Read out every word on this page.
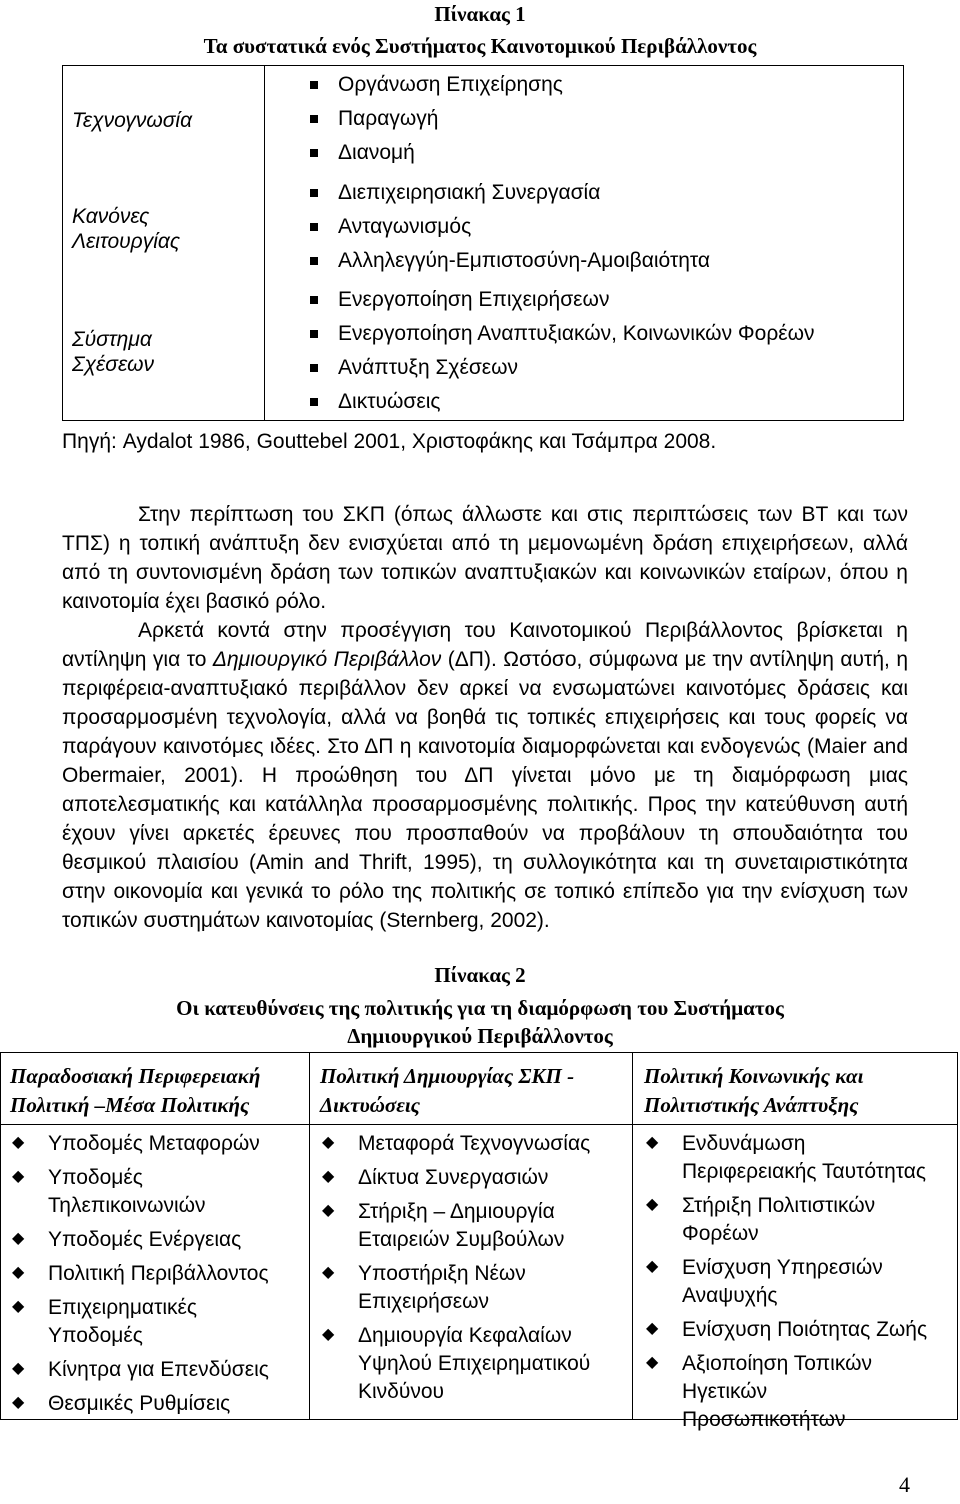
Πίνακας 1
Τα συστατικά ενός Συστήματος Καινοτομικού Περιβάλλοντος
Τεχνογνωσία
Οργάνωση Επιχείρησης
Παραγωγή
Διανομή
Κανόνες
Λειτουργίας
Διεπιχειρησιακή Συνεργασία
Ανταγωνισμός
Αλληλεγγύη-Εμπιστοσύνη-Αμοιβαιότητα
Σύστημα
Σχέσεων
Ενεργοποίηση Επιχειρήσεων
Ενεργοποίηση Αναπτυξιακών, Κοινωνικών Φορέων
Ανάπτυξη Σχέσεων
Δικτυώσεις
Πηγή: Aydalot 1986, Gouttebel 2001, Χριστοφάκης και Τσάμπρα 2008.
Στην περίπτωση του ΣΚΠ (όπως άλλωστε και στις περιπτώσεις των ΒΤ και των ΤΠΣ) η τοπική ανάπτυξη δεν ενισχύεται από τη μεμονωμένη δράση επιχειρήσεων, αλλά από τη συντονισμένη δράση των τοπικών αναπτυξιακών και κοινωνικών εταίρων, όπου η καινοτομία έχει βασικό ρόλο.
Αρκετά κοντά στην προσέγγιση του Καινοτομικού Περιβάλλοντος βρίσκεται η αντίληψη για το Δημιουργικό Περιβάλλον (ΔΠ). Ωστόσο, σύμφωνα με την αντίληψη αυτή, η περιφέρεια-αναπτυξιακό περιβάλλον δεν αρκεί να ενσωματώνει καινοτόμες δράσεις και προσαρμοσμένη τεχνολογία, αλλά να βοηθά τις τοπικές επιχειρήσεις και τους φορείς να παράγουν καινοτόμες ιδέες. Στο ΔΠ η καινοτομία διαμορφώνεται και ενδογενώς (Maier and Obermaier, 2001). Η προώθηση του ΔΠ γίνεται μόνο με τη διαμόρφωση μιας αποτελεσματικής και κατάλληλα προσαρμοσμένης πολιτικής. Προς την κατεύθυνση αυτή έχουν γίνει αρκετές έρευνες που προσπαθούν να προβάλουν τη σπουδαιότητα του θεσμικού πλαισίου (Amin and Thrift, 1995), τη συλλογικότητα και τη συνεταιριστικότητα στην οικονομία και γενικά το ρόλο της πολιτικής σε τοπικό επίπεδο για την ενίσχυση των τοπικών συστημάτων καινοτομίας (Sternberg, 2002).
Πίνακας 2
Οι κατευθύνσεις της πολιτικής για τη διαμόρφωση του Συστήματος
Δημιουργικού Περιβάλλοντος
Παραδοσιακή Περιφερειακή
Πολιτική –Μέσα Πολιτικής
Πολιτική Δημιουργίας ΣΚΠ -
Δικτυώσεις
Πολιτική Κοινωνικής και
Πολιτιστικής Ανάπτυξης
◆ Υποδομές Μεταφορών
◆ Υποδομές
Τηλεπικοινωνιών
◆ Υποδομές Ενέργειας
◆ Πολιτική Περιβάλλοντος
◆ Επιχειρηματικές
Υποδομές
◆ Κίνητρα για Επενδύσεις
◆ Θεσμικές Ρυθμίσεις
◆ Μεταφορά Τεχνογνωσίας
◆ Δίκτυα Συνεργασιών
◆ Στήριξη – Δημιουργία
Εταιρειών Συμβούλων
◆ Υποστήριξη Νέων
Επιχειρήσεων
◆ Δημιουργία Κεφαλαίων
Υψηλού Επιχειρηματικού
Κινδύνου
◆ Ενδυνάμωση
Περιφερειακής Ταυτότητας
◆ Στήριξη Πολιτιστικών
Φορέων
◆ Ενίσχυση Υπηρεσιών
Αναψυχής
◆ Ενίσχυση Ποιότητας Ζωής
◆ Αξιοποίηση Τοπικών
Ηγετικών
Προσωπικοτήτων
4
